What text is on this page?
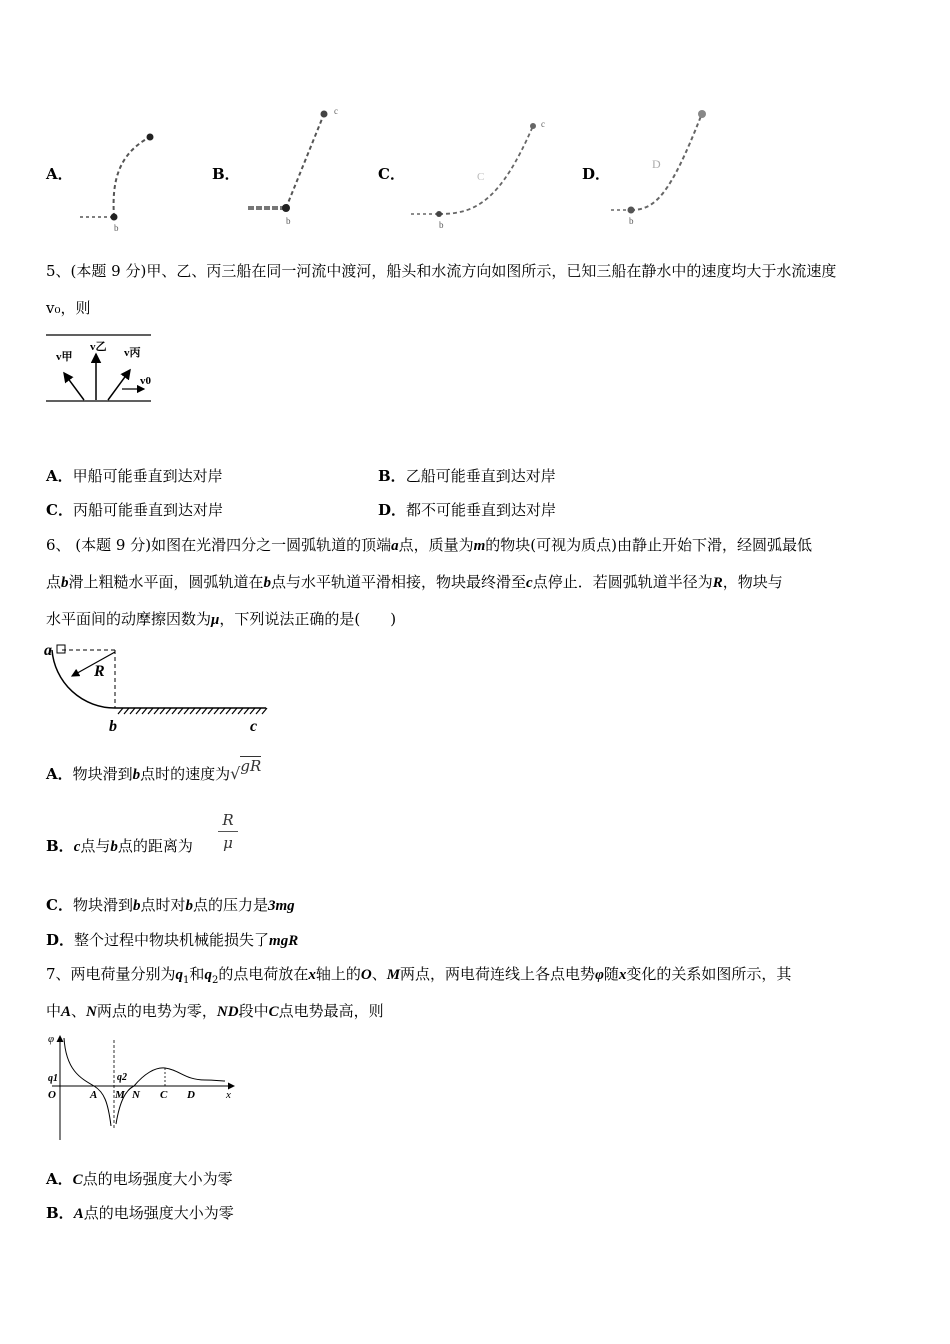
A．
b
B．
c
b
C．
c
C
b
D．
D
b
5、(本题 9 分)甲、乙、丙三船在同一河流中渡河，船头和水流方向如图所示，已知三船在静水中的速度均大于水流速度
v₀，则
v甲
v乙 v丙
v0
A．甲船可能垂直到达对岸	B．乙船可能垂直到达对岸
C．丙船可能垂直到达对岸	D．都不可能垂直到达对岸
6、 (本题 9 分)如图在光滑四分之一圆弧轨道的顶端a点，质量为m的物块(可视为质点)由静止开始下滑，经圆弧最低
点b滑上粗糙水平面，圆弧轨道在b点与水平轨道平滑相接，物块最终滑至c点停止．若圆弧轨道半径为R，物块与
水平面间的动摩擦因数为μ，下列说法正确的是(　　)
a
R
b	c
A．物块滑到b点时的速度为√gR
B．c点与b点的距离为
R
μ
C．物块滑到b点时对b点的压力是3mg
D．整个过程中物块机械能损失了mgR
7、两电荷量分别为$q_1$和$q_2$的点电荷放在x轴上的O、M两点，两电荷连线上各点电势φ随x变化的关系如图所示，其
中A、N两点的电势为零，ND段中C点电势最高，则
φ
q1	q2
O	A M N C D	x
A．C点的电场强度大小为零
B．A点的电场强度大小为零
